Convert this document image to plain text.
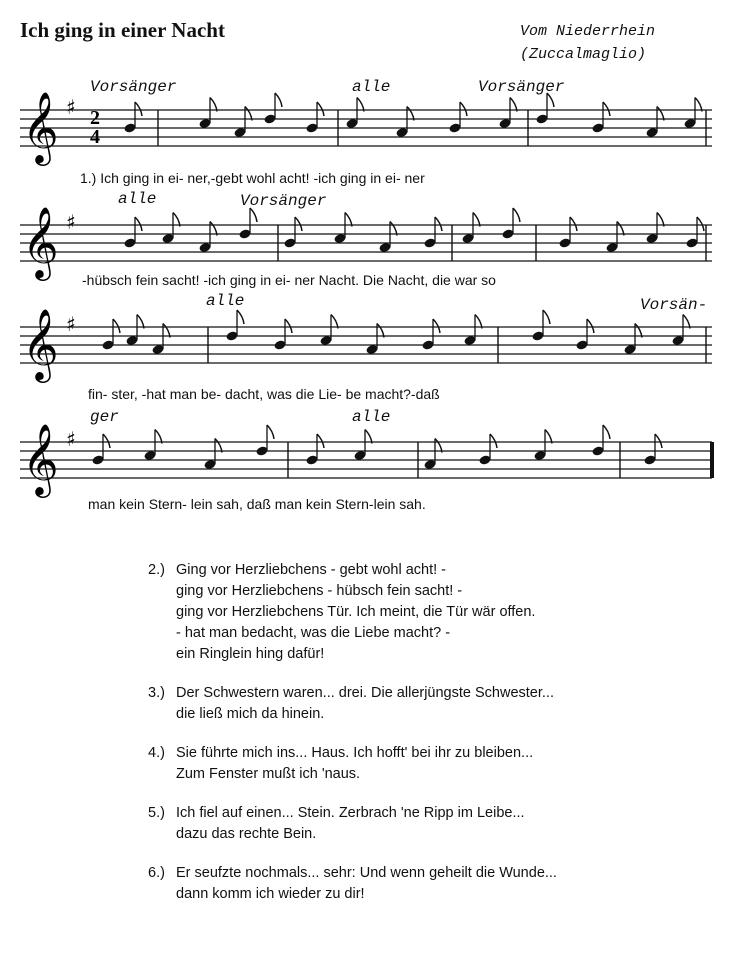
Ich ging in einer Nacht	Vom Niederrhein
(Zuccalmaglio)
Vorsänger	alle	Vorsänger
𝄞 ♯ 2
4
1.) Ich ging in ei- ner,-gebt wohl acht! -ich ging in ei- ner
alle	Vorsänger
𝄞 ♯
-hübsch fein sacht! -ich ging in ei- ner Nacht. Die Nacht, die war so
alle	Vorsän-
𝄞 ♯
fin- ster, -hat man be- dacht, was die Lie- be macht?-daß
ger	alle
𝄞 ♯
man kein Stern- lein sah, daß man kein Stern-lein sah.
2.) Ging vor Herzliebchens - gebt wohl acht! -
ging vor Herzliebchens - hübsch fein sacht! -
ging vor Herzliebchens Tür. Ich meint, die Tür wär offen.
- hat man bedacht, was die Liebe macht? -
ein Ringlein hing dafür!
3.) Der Schwestern waren... drei. Die allerjüngste Schwester...
die ließ mich da hinein.
4.) Sie führte mich ins... Haus. Ich hofft' bei ihr zu bleiben...
Zum Fenster mußt ich 'naus.
5.) Ich fiel auf einen... Stein. Zerbrach 'ne Ripp im Leibe...
dazu das rechte Bein.
6.) Er seufzte nochmals... sehr: Und wenn geheilt die Wunde...
dann komm ich wieder zu dir!
